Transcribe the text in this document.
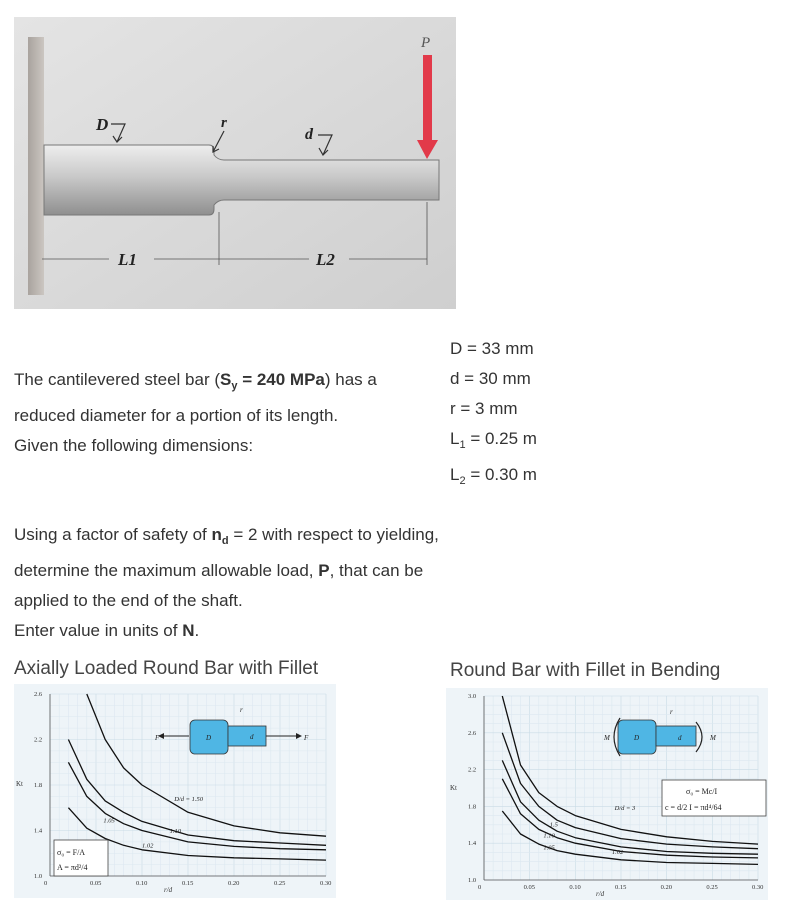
P
D	r
d
L1	L2
D = 33 mm
d = 30 mm
r = 3 mm
$L_1 = 0.25$ m
$L_2 = 0.30$ m
The cantilevered steel bar ($S_y = 240$ MPa) has a
reduced diameter for a portion of its length.
Given the following dimensions:
Using a factor of safety of $n_d = 2$ with respect to yielding, determine the maximum allowable load, P, that can be applied to the end of the shaft.
Enter value in units of N.
Axially Loaded Round Bar with Fillet	Round Bar with Fillet in Bending
0	0.05	0.10	0.15	0.20	0.25	0.30
1.0
1.4
1.8
2.2
2.6
D/d = 1.50
1.10
1.05
1.02
D	d
r
F	F
σ₀ = F/A
A = πd²/4
r/d
Kt
0	0.05	0.10	0.15	0.20	0.25	0.30
1.0
1.4
1.8
2.2
2.6
3.0
D/d = 3
1.5
1.10
1.05
1.02
M	M
D	d
r
σ₀ = Mc/I
c = d/2 I = πd⁴/64
r/d
Kt
